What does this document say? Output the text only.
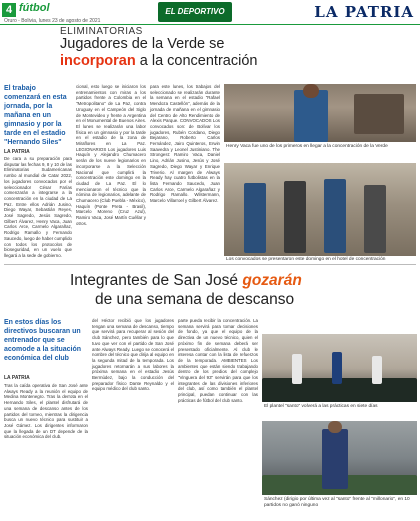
4 fútbol
Oruro - Bolivia, lunes 23 de agosto de 2021
EL DEPORTIVO	LA PATRIA
ELIMINATORIAS
Jugadores de la Verde se
incorporan a la concentración
El trabajo comenzará en esta jornada, por la mañana en un gimnasio y por la tarde en el estadio "Hernando Siles"
LA PATRIA
De cara a su preparación para disputar las fechas 9, 8 y 10 de las Eliminatorias Sudamericanas rumbo al mundial de Catar 2022, los jugadores convocados por el seleccionador César Farías comenzarán a integrarse a la concentración en la ciudad de La Paz. Entre ellos Adrián Jusino, Diego Wayar, Sebastián Reyes, José Sagredo, Jesús Sagredo, Gilbert Álvarez, Henry Vaca, Juan Carlos Arce, Carmelo Algarañaz, Rodrigo Ramallo y Fernando Saucedo, luego de haber cumplido con todos los protocolos de bioseguridad, en un vuelo que llegará a la sede de gobierno.
cional, esto luego se iniciaron los entrenamientos con miras a los partidos frente a Colombia en el "Metropolitano" de La Paz, contra Uruguay en el Campeón del Siglo de Montevideo y frente a Argentina en el Monumental de Buenos Aires. El lunes se realizarán una labor física en un gimnasio y por la tarde en el estadio de la zona de Miraflores en La Paz. LEGIONARIOS Los jugadores Luis Haquín y Alejandro Chumacero serán de los nueve legionarios en incorporarse a la Selección Nacional que cumplirá la concentración este domingo en la ciudad de La Paz. El lo mencionaron el técnico que la nómina de legionarios, adelante de Chumacero (Club Puebla - México), Haquín (Ponte Preta - Brasil), Marcelo Moreno (Cruz Azul), Ramiro Vaca, José Martín Cuéllar y otros.
para este lunes, los trabajos del seleccionado se realizarán durante la semana en el estadio "Rafael Mendoza Castellón", además de la jornada de mañana en el gimnasio del Centro de Alto Rendimiento de Alexis Parque. CONVOCADOS Los convocados son: de Bolívar los jugadores, Rubén Cordano, Diego Bejarano, Roberto Carlos Fernández, Jairo Quinteros, Erwin Saavedra y Leonel Justiniano. The Strongest: Ramiro Vaca, Daniel Lino, Adrián Jusino, Jesús y José Sagredo, Diego Wayar y Enrique Triverio. Al margen de Always Ready hay cuatro futbolistas en la lista Fernando Saucedo, Juan Carlos Arce, Carmelo Algarañaz y Rodrigo Ramallo. Wilstermann, Marcelo Villarroel y Gilbert Álvarez.
Henry Vaca fue uno de los primeros en llegar a la concentración de la Verde
Los convocados se presentaron este domingo en el hotel de concentración
Integrantes de San José gozarán
de una semana de descanso
En estos días los directivos buscaran un entrenador que se acomode a la situación económica del club
LA PATRIA
Tras la caída operativa de San José ante Always Ready a la reunión el equipo de Medina Montenegro. Tras la derrota en el Hernando Siles, el plantel disfrutará de una semana de descanso antes de los partidos del torneo, mientras la dirigencia busca un nuevo técnico para sustituir a José Gámez. Los dirigentes informaron que la llegada de un DT depende de la situación económica del club.
del Héctor recibió que los jugadores tengan una semana de descanso, tiempo que servirá para recuperar al sesión del club Sánchez, pero también para lo que tuvo que ver con el partido de San José ante Always Ready. Luego se conocerá el nombre del técnico que dirija al equipo en la segunda mitad de la temporada. Los jugadores retornarán a sus labores la próxima semana en el estadio Jesús Bermúdez, bajo la conducción del preparador físico Dante Reynaldo y el equipo médico del club santo.
parte pueda recibir la concentración. La semana servirá para tomar decisiones de fondo, ya que el equipo de la directiva de un nuevo técnico, quien el próximo fin de semana deberá ser presentado oficialmente. Al club le interesa contar con la lista de refuerzos de la temporada. AMBIENTES Los ambientes que están siendo trabajando dentro de los predios del complejo "Vinguera del 93" servirán para que los integrantes de las divisiones inferiores del club, así como también el plantel principal, puedan continuar con las prácticas de fútbol del club santo.
El plantel "santo" volverá a las prácticas en siete días
Sánchez (dirigio por última vez al "santo" frente al "millonario", en 10 partidos no ganó ninguno
